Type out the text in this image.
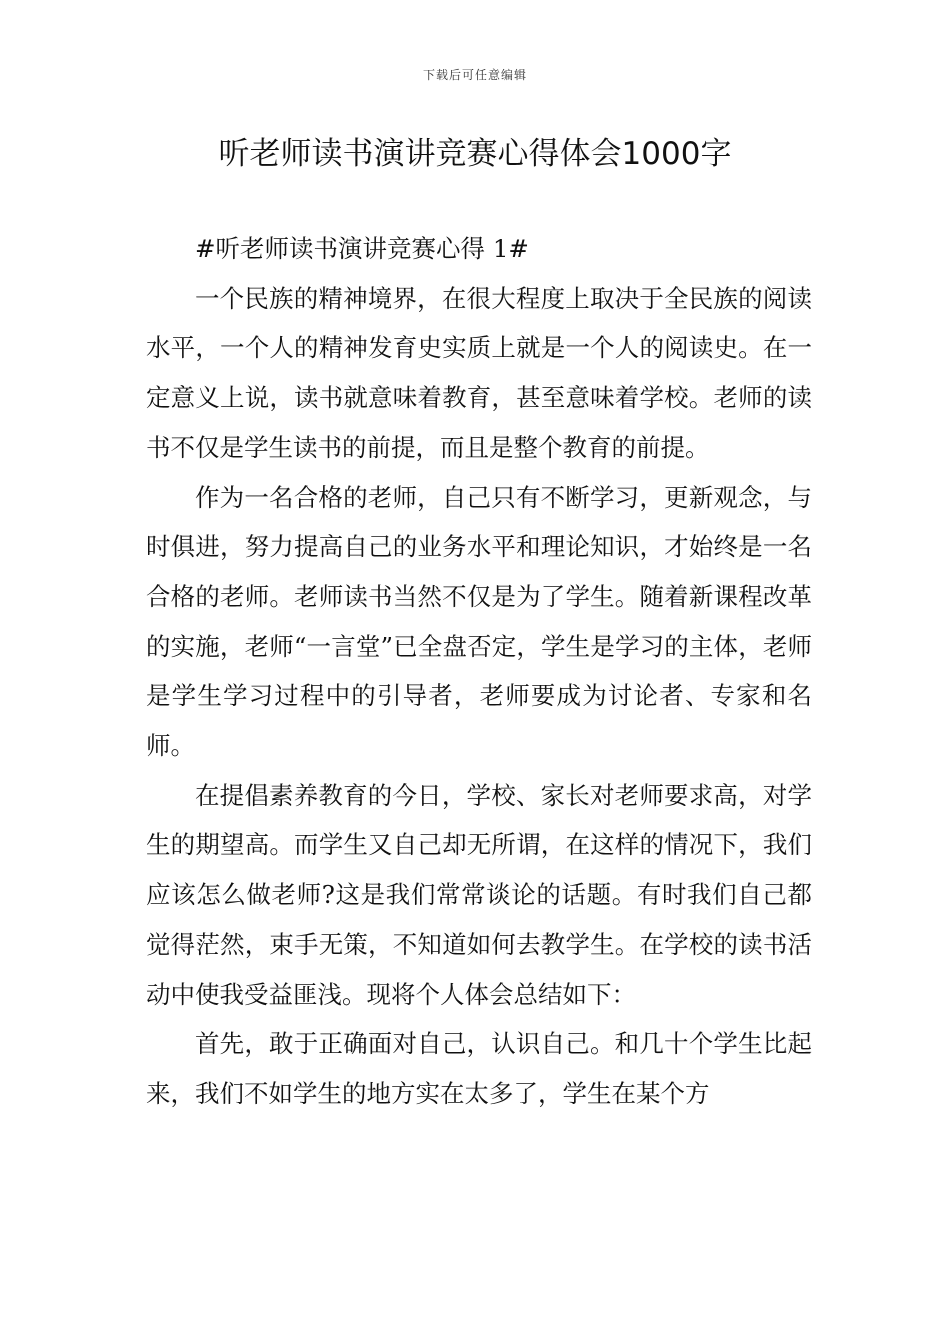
下载后可任意编辑
听老师读书演讲竞赛心得体会1000字

#听老师读书演讲竞赛心得 1#

一个民族的精神境界，在很大程度上取决于全民族的阅读水平，一个人的精神发育史实质上就是一个人的阅读史。在一定意义上说，读书就意味着教育，甚至意味着学校。老师的读书不仅是学生读书的前提，而且是整个教育的前提。

作为一名合格的老师，自己只有不断学习，更新观念，与时俱进，努力提高自己的业务水平和理论知识，才始终是一名合格的老师。老师读书当然不仅是为了学生。随着新课程改革的实施，老师“一言堂”已全盘否定，学生是学习的主体，老师是学生学习过程中的引导者，老师要成为讨论者、专家和名师。

在提倡素养教育的今日，学校、家长对老师要求高，对学生的期望高。而学生又自己却无所谓，在这样的情况下，我们应该怎么做老师?这是我们常常谈论的话题。有时我们自己都觉得茫然，束手无策，不知道如何去教学生。在学校的读书活动中使我受益匪浅。现将个人体会总结如下：

首先，敢于正确面对自己，认识自己。和几十个学生比起来，我们不如学生的地方实在太多了，学生在某个方
